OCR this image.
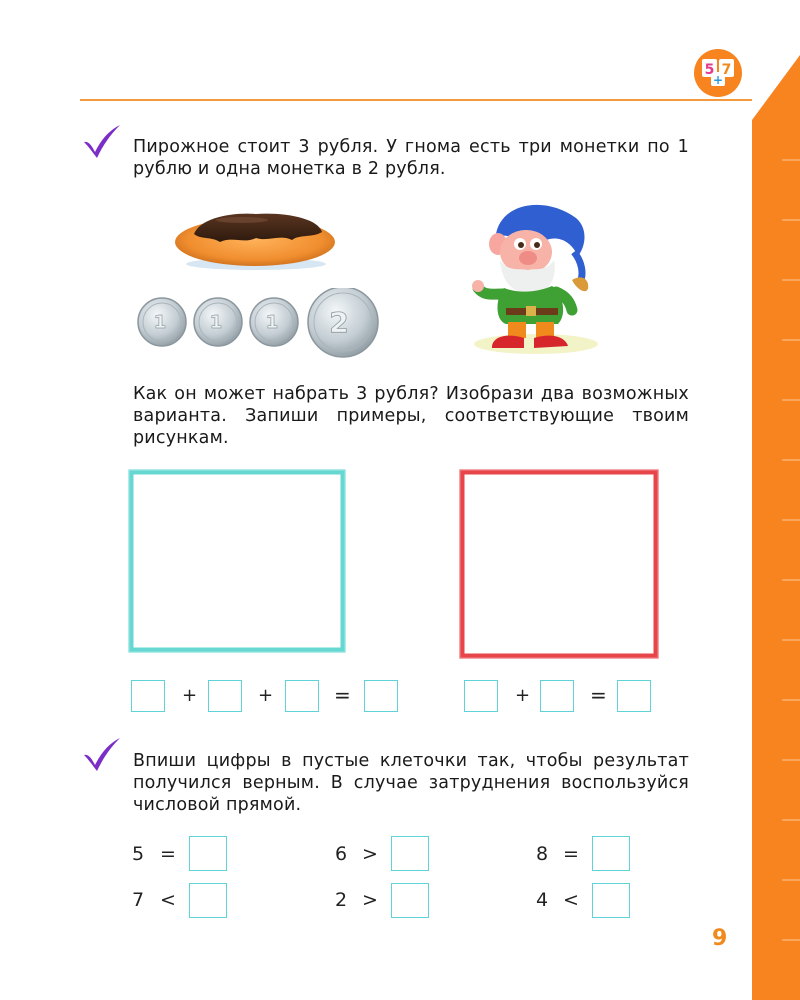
5
+
7
Пирожное стоит 3 рубля. У гнома есть три монетки по 1 рублю и одна монетка в 2 рубля.
1 1 1 2
Как он может набрать 3 рубля? Изобрази два возможных варианта. Запиши примеры, соответствующие твоим рисункам.
+	+	=	+	=
Впиши цифры в пустые клеточки так, чтобы результат получился верным. В случае затруднения воспользуйся числовой прямой.
5 =	6 >	8 =
7 <	2 >	4 <
9
